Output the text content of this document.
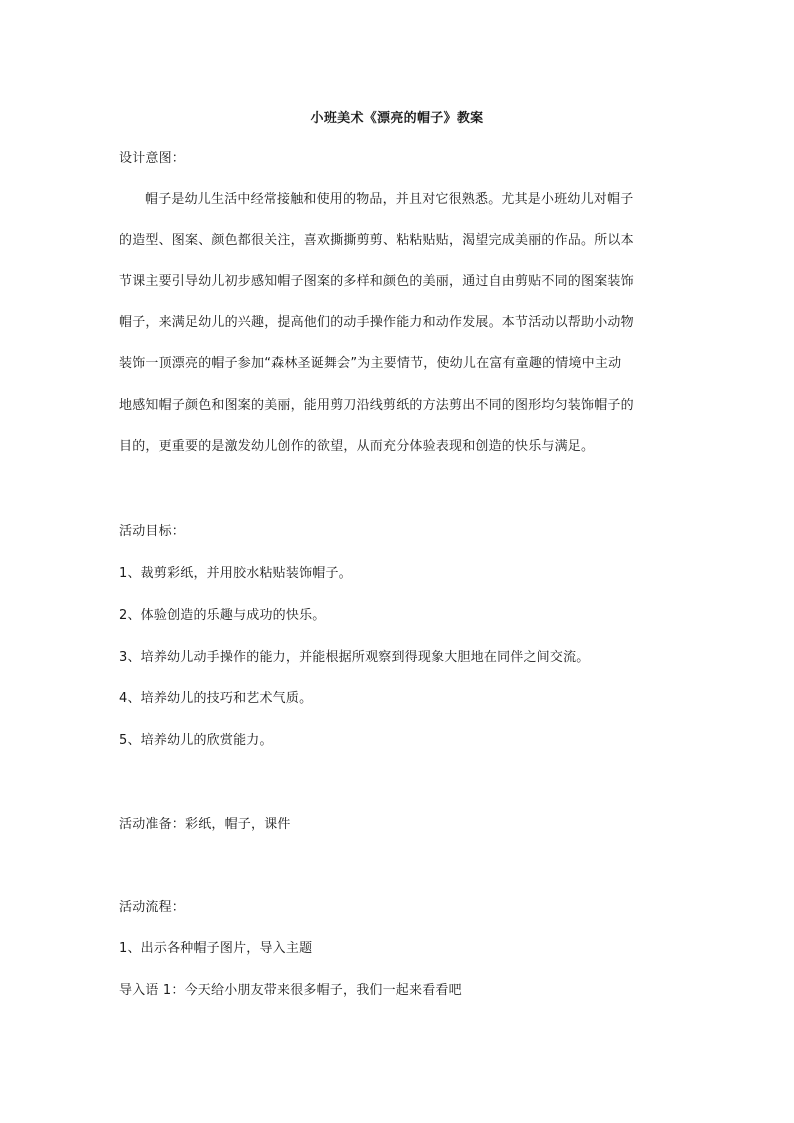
小班美术《漂亮的帽子》教案
设计意图：
帽子是幼儿生活中经常接触和使用的物品，并且对它很熟悉。尤其是小班幼儿对帽子
的造型、图案、颜色都很关注，喜欢撕撕剪剪、粘粘贴贴，渴望完成美丽的作品。所以本
节课主要引导幼儿初步感知帽子图案的多样和颜色的美丽，通过自由剪贴不同的图案装饰
帽子，来满足幼儿的兴趣，提高他们的动手操作能力和动作发展。本节活动以帮助小动物
装饰一顶漂亮的帽子参加“森林圣诞舞会”为主要情节，使幼儿在富有童趣的情境中主动
地感知帽子颜色和图案的美丽，能用剪刀沿线剪纸的方法剪出不同的图形均匀装饰帽子的
目的，更重要的是激发幼儿创作的欲望，从而充分体验表现和创造的快乐与满足。
活动目标：
1、裁剪彩纸，并用胶水粘贴装饰帽子。
2、体验创造的乐趣与成功的快乐。
3、培养幼儿动手操作的能力，并能根据所观察到得现象大胆地在同伴之间交流。
4、培养幼儿的技巧和艺术气质。
5、培养幼儿的欣赏能力。
活动准备：彩纸，帽子，课件
活动流程：
1、出示各种帽子图片，导入主题
导入语 1：今天给小朋友带来很多帽子，我们一起来看看吧
